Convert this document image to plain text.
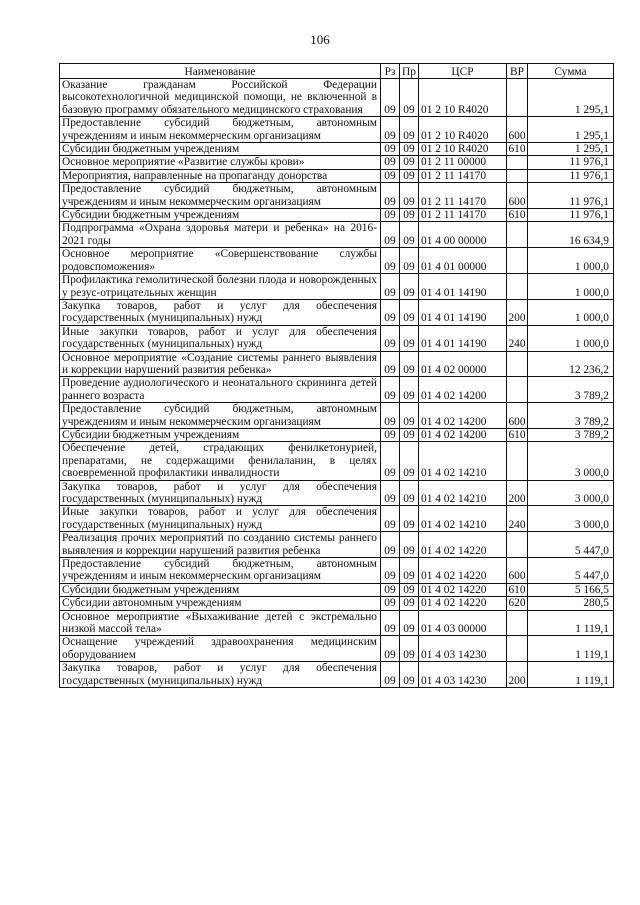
106
Наименование	Рз	Пр	ЦСР	ВР	Сумма
Оказание гражданам Российской Федерации высокотехнологичной медицинской помощи, не включенной в базовую программу обязательного медицинского страхования	09	09	01 2 10 R4020		1 295,1
Предоставление субсидий бюджетным, автономным учреждениям и иным некоммерческим организациям	09	09	01 2 10 R4020	600	1 295,1
Субсидии бюджетным учреждениям	09	09	01 2 10 R4020	610	1 295,1
Основное мероприятие «Развитие службы крови»	09	09	01 2 11 00000		11 976,1
Мероприятия, направленные на пропаганду донорства	09	09	01 2 11 14170		11 976,1
Предоставление субсидий бюджетным, автономным учреждениям и иным некоммерческим организациям	09	09	01 2 11 14170	600	11 976,1
Субсидии бюджетным учреждениям	09	09	01 2 11 14170	610	11 976,1
Подпрограмма «Охрана здоровья матери и ребенка» на 2016-2021 годы	09	09	01 4 00 00000		16 634,9
Основное мероприятие «Совершенствование службы родовспоможения»	09	09	01 4 01 00000		1 000,0
Профилактика гемолитической болезни плода и новорожденных у резус-отрицательных женщин	09	09	01 4 01 14190		1 000,0
Закупка товаров, работ и услуг для обеспечения государственных (муниципальных) нужд	09	09	01 4 01 14190	200	1 000,0
Иные закупки товаров, работ и услуг для обеспечения государственных (муниципальных) нужд	09	09	01 4 01 14190	240	1 000,0
Основное мероприятие «Создание системы раннего выявления и коррекции нарушений развития ребенка»	09	09	01 4 02 00000		12 236,2
Проведение аудиологического и неонатального скрининга детей раннего возраста	09	09	01 4 02 14200		3 789,2
Предоставление субсидий бюджетным, автономным учреждениям и иным некоммерческим организациям	09	09	01 4 02 14200	600	3 789,2
Субсидии бюджетным учреждениям	09	09	01 4 02 14200	610	3 789,2
Обеспечение детей, страдающих фенилкетонурией, препаратами, не содержащими фенилаланин, в целях своевременной профилактики инвалидности	09	09	01 4 02 14210		3 000,0
Закупка товаров, работ и услуг для обеспечения государственных (муниципальных) нужд	09	09	01 4 02 14210	200	3 000,0
Иные закупки товаров, работ и услуг для обеспечения государственных (муниципальных) нужд	09	09	01 4 02 14210	240	3 000,0
Реализация прочих мероприятий по созданию системы раннего выявления и коррекции нарушений развития ребенка	09	09	01 4 02 14220		5 447,0
Предоставление субсидий бюджетным, автономным учреждениям и иным некоммерческим организациям	09	09	01 4 02 14220	600	5 447,0
Субсидии бюджетным учреждениям	09	09	01 4 02 14220	610	5 166,5
Субсидии автономным учреждениям	09	09	01 4 02 14220	620	280,5
Основное мероприятие «Выхаживание детей с экстремально низкой массой тела»	09	09	01 4 03 00000		1 119,1
Оснащение учреждений здравоохранения медицинским оборудованием	09	09	01 4 03 14230		1 119,1
Закупка товаров, работ и услуг для обеспечения государственных (муниципальных) нужд	09	09	01 4 03 14230	200	1 119,1
